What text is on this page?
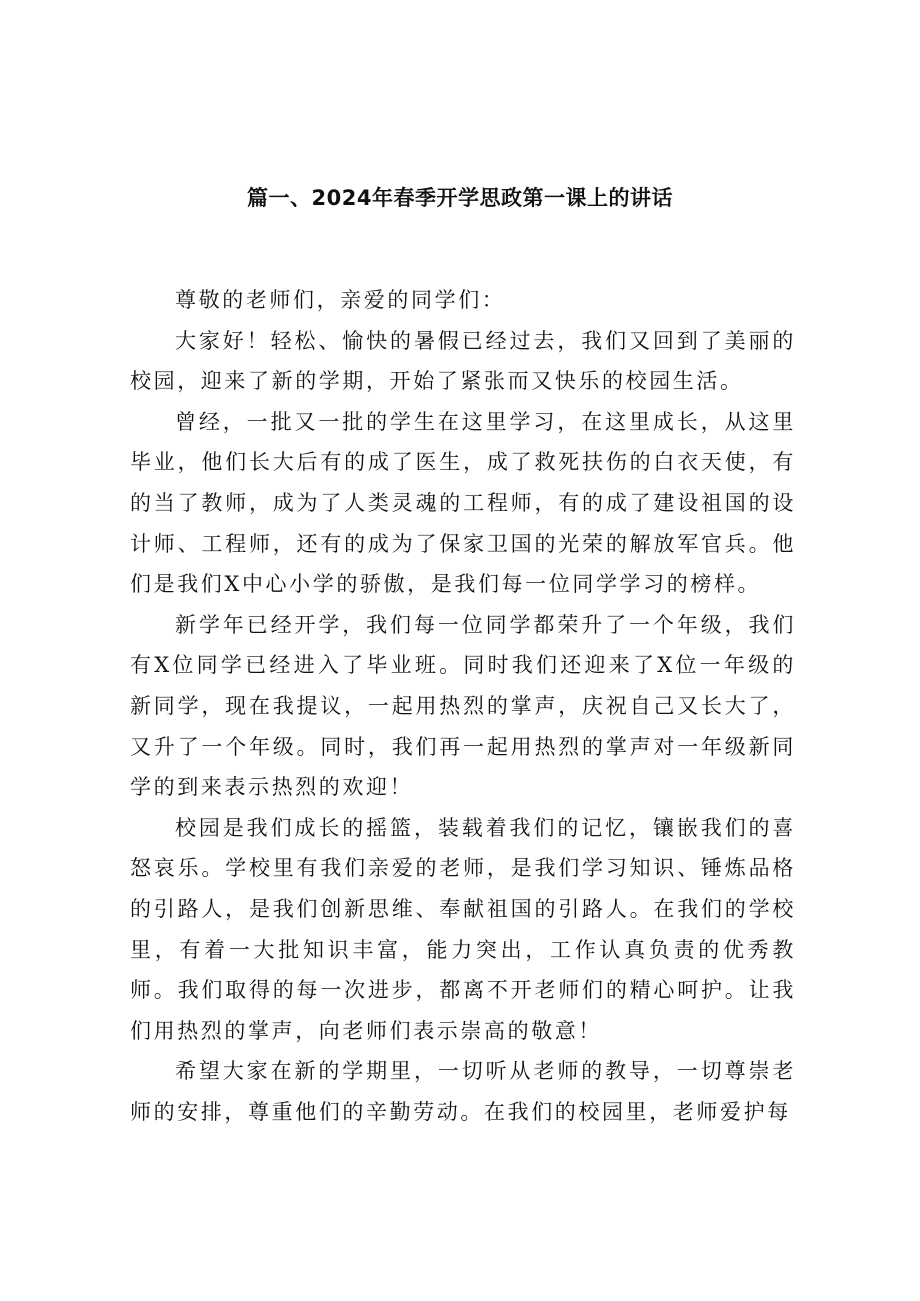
篇一、2024年春季开学思政第一课上的讲话

尊敬的老师们，亲爱的同学们：

大家好！轻松、愉快的暑假已经过去，我们又回到了美丽的校园，迎来了新的学期，开始了紧张而又快乐的校园生活。

曾经，一批又一批的学生在这里学习，在这里成长，从这里毕业，他们长大后有的成了医生，成了救死扶伤的白衣天使，有的当了教师，成为了人类灵魂的工程师，有的成了建设祖国的设计师、工程师，还有的成为了保家卫国的光荣的解放军官兵。他们是我们X中心小学的骄傲，是我们每一位同学学习的榜样。

新学年已经开学，我们每一位同学都荣升了一个年级，我们有X位同学已经进入了毕业班。同时我们还迎来了X位一年级的新同学，现在我提议，一起用热烈的掌声，庆祝自己又长大了，又升了一个年级。同时，我们再一起用热烈的掌声对一年级新同学的到来表示热烈的欢迎！

校园是我们成长的摇篮，装载着我们的记忆，镶嵌我们的喜怒哀乐。学校里有我们亲爱的老师，是我们学习知识、锤炼品格的引路人，是我们创新思维、奉献祖国的引路人。在我们的学校里，有着一大批知识丰富，能力突出，工作认真负责的优秀教师。我们取得的每一次进步，都离不开老师们的精心呵护。让我们用热烈的掌声，向老师们表示崇高的敬意！

希望大家在新的学期里，一切听从老师的教导，一切尊崇老师的安排，尊重他们的辛勤劳动。在我们的校园里，老师爱护每
